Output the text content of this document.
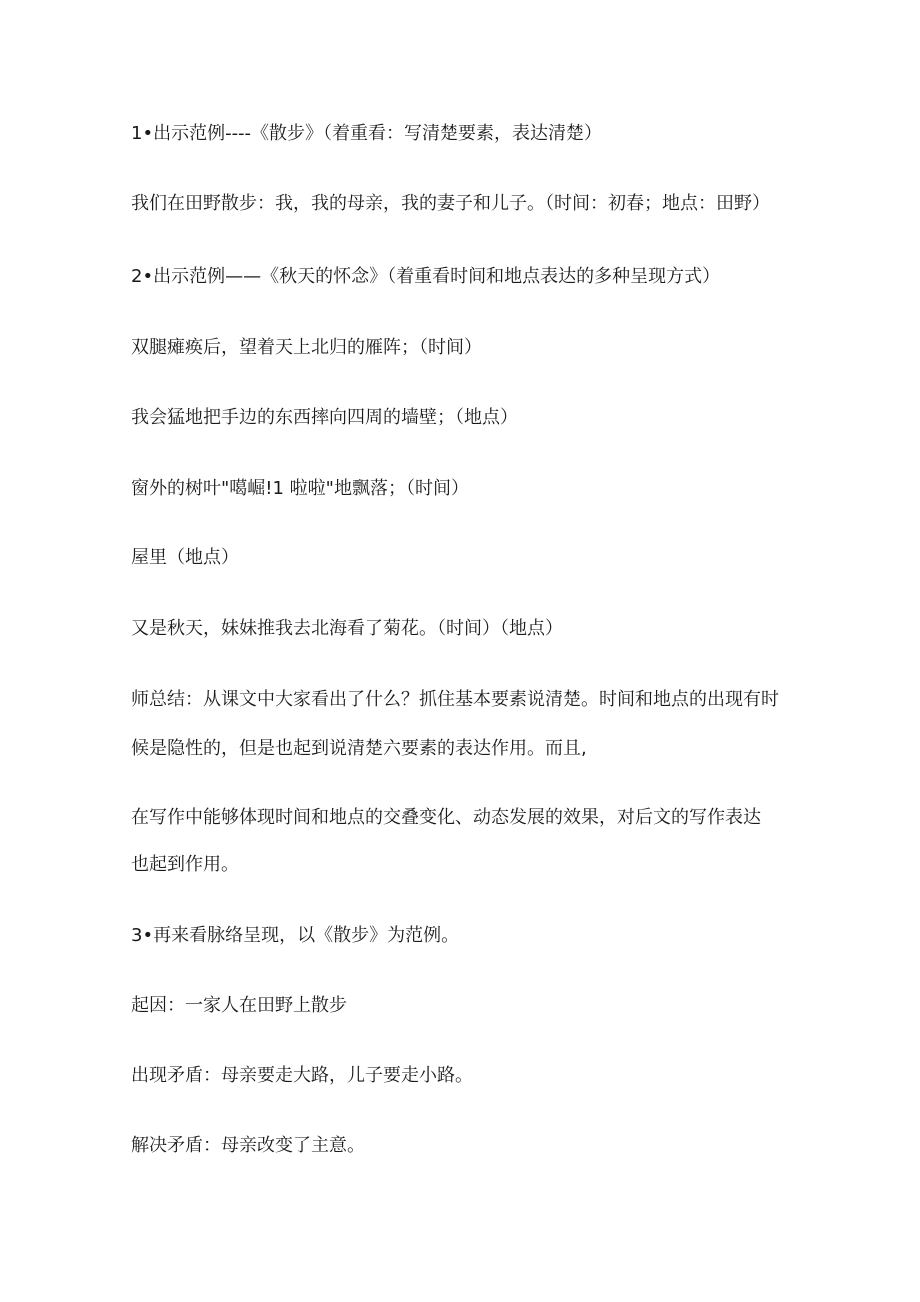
1•出示范例----《散步》（着重看：写清楚要素，表达清楚）
我们在田野散步：我，我的母亲，我的妻子和儿子。（时间：初春；地点：田野）
2•出示范例——《秋天的怀念》（着重看时间和地点表达的多种呈现方式）
双腿瘫痪后，望着天上北归的雁阵；（时间）
我会猛地把手边的东西摔向四周的墙壁；（地点）
窗外的树叶"噶崛!1 啦啦"地飘落；（时间）
屋里（地点）
又是秋天，妹妹推我去北海看了菊花。（时间）（地点）
师总结：从课文中大家看出了什么？抓住基本要素说清楚。时间和地点的出现有时
候是隐性的，但是也起到说清楚六要素的表达作用。而且,
在写作中能够体现时间和地点的交叠变化、动态发展的效果，对后文的写作表达
也起到作用。
3•再来看脉络呈现，以《散步》为范例。
起因：一家人在田野上散步
出现矛盾：母亲要走大路，儿子要走小路。
解决矛盾：母亲改变了主意。
